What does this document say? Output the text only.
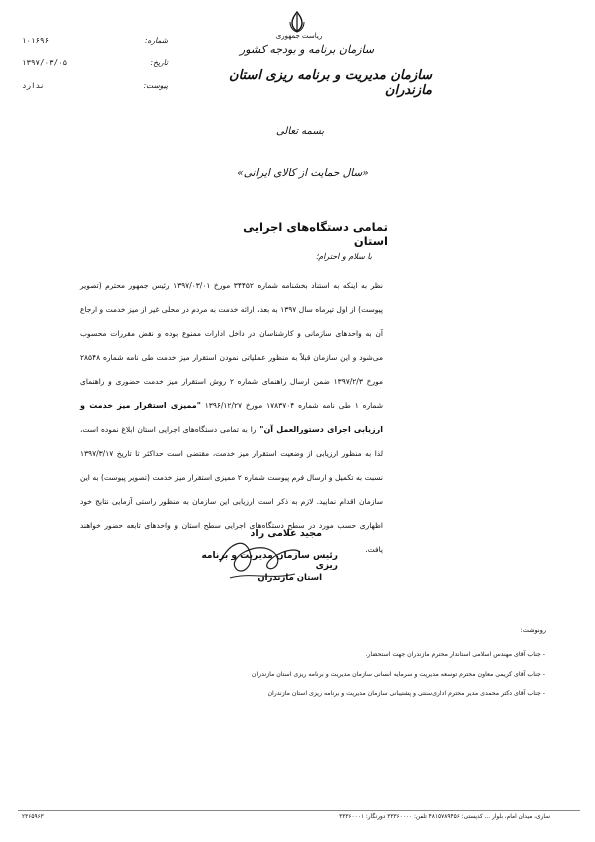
ریاست جمهوری
سازمان برنامه و بودجه کشور
سازمان مدیریت و برنامه ریزی استان مازندران
شماره:
۱۰۱۶۹۶
تاریخ:
۱۳۹۷/۰۳/۰۵
پیوست:
ندارد
بسمه تعالی
«سال حمایت از کالای ایرانی»
تمامی دستگاه‌های اجرایی استان
با سلام و احترام؛
نظر به اینکه به استناد بخشنامه شماره ۳۴۴۵۲ مورخ ۱۳۹۷/۰۳/۰۱ رئیس جمهور محترم (تصویر پیوست) از اول تیرماه سال ۱۳۹۷ به بعد، ارائه خدمت به مردم در محلی غیر از میز خدمت و ارجاع آن به واحدهای سازمانی و کارشناسان در داخل ادارات ممنوع بوده و نقض مقررات محسوب می‌شود و این سازمان قبلاً به منظور عملیاتی نمودن استقرار میز خدمت طی نامه شماره ۲۸۵۴۸ مورخ ۱۳۹۷/۲/۳ ضمن ارسال راهنمای شماره ۲ روش استقرار میز خدمت حضوری و راهنمای شماره ۱ طی نامه شماره ۱۷۸۳۷۰۴ مورخ ۱۳۹۶/۱۲/۲۷ "ممیزی استقرار میز خدمت و ارزیابی اجرای دستورالعمل آن" را به تمامی دستگاه‌های اجرایی استان ابلاغ نموده است، لذا به منظور ارزیابی از وضعیت استقرار میز خدمت، مقتضی است حداکثر تا تاریخ ۱۳۹۷/۳/۱۷ نسبت به تکمیل و ارسال فرم پیوست شماره ۲ ممیزی استقرار میز خدمت (تصویر پیوست) به این سازمان اقدام نمایید. لازم به ذکر است ارزیابی این سازمان به منظور راستی آزمایی نتایج خود اظهاری حسب مورد در سطح دستگاه‌های اجرایی سطح استان و واحدهای تابعه حضور خواهند یافت.
مجید علامی راد
رئیس سازمان مدیریت و برنامه ریزی
استان مازندران
رونوشت:
- جناب آقای مهندس اسلامی استاندار محترم مازندران جهت استحضار.
- جناب آقای کریمی معاون محترم توسعه مدیریت و سرمایه انسانی سازمان مدیریت و برنامه ریزی استان مازندران
- جناب آقای دکتر محمدی مدیر محترم اداری‌سنتی و پشتیبانی سازمان مدیریت و برنامه ریزی استان مازندران
ساری، میدان امام، بلوار ... کدپستی: ۴۸۱۵۷۸۹۴۵۶ تلفن: ۳۳۳۶۰۰۰۰ دورنگار: ۳۳۳۶۰۰۰۱
۲۳۶۵۹۶۳
